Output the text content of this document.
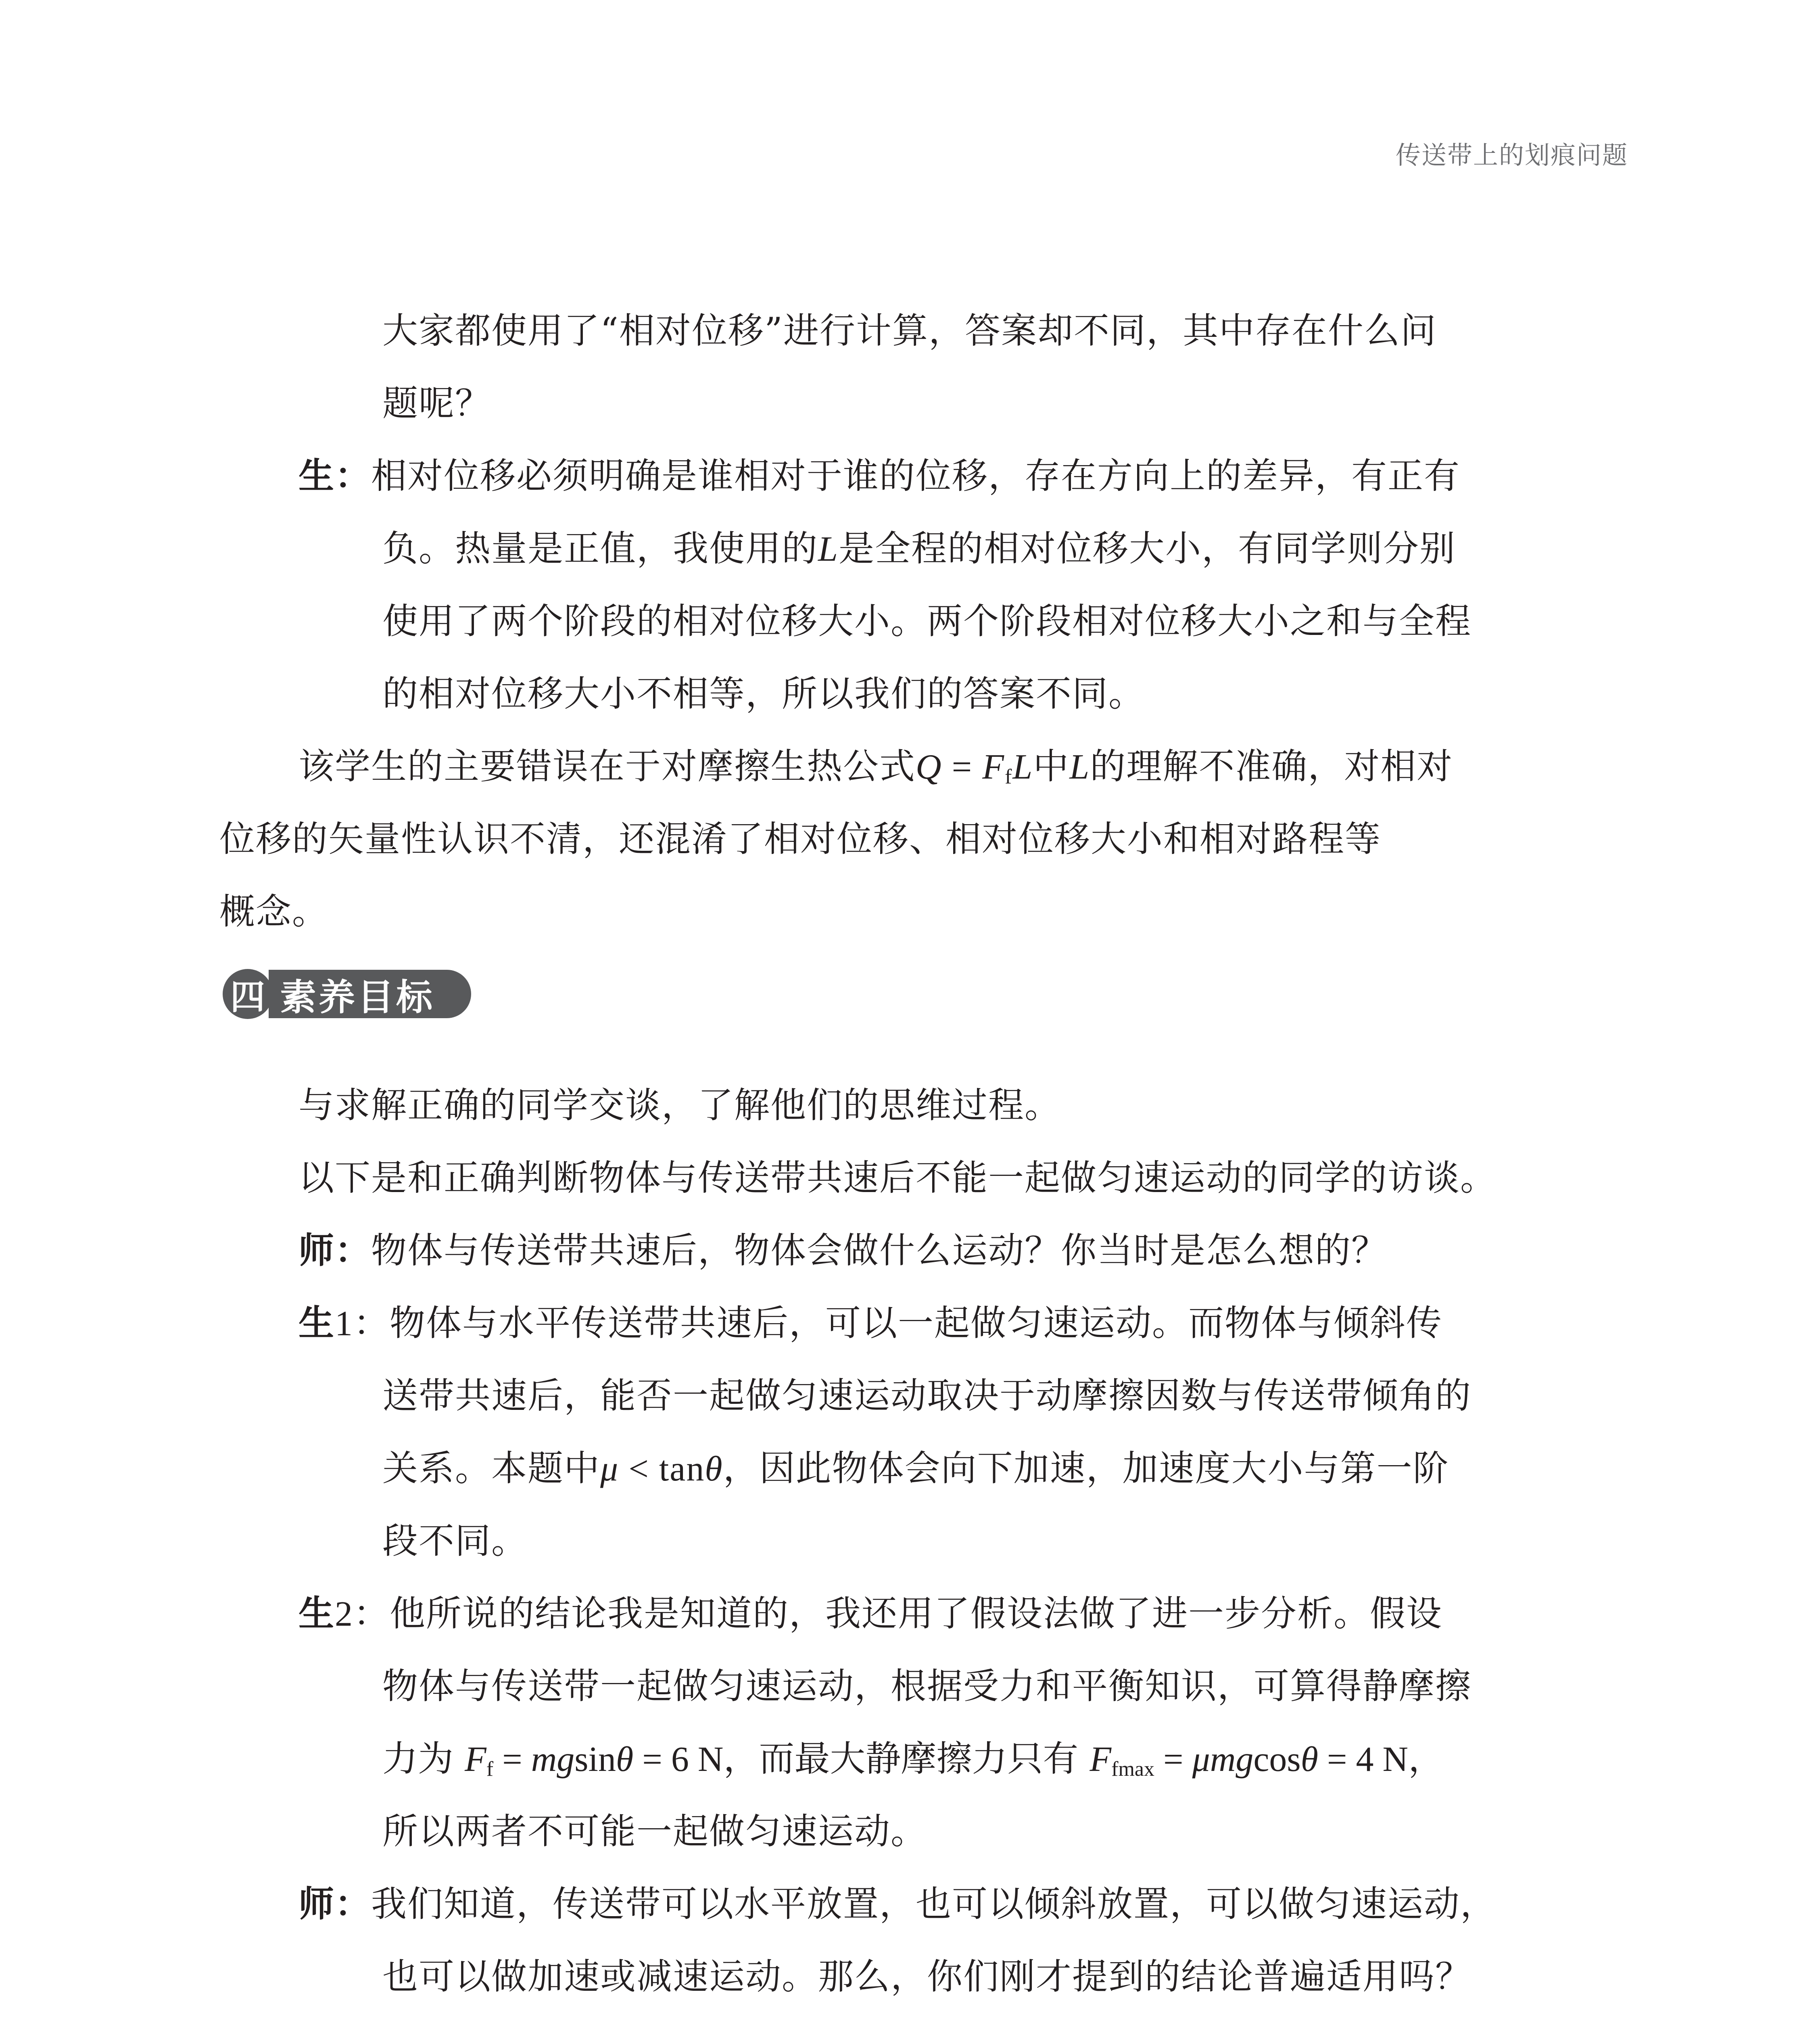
传送带上的划痕问题
大家都使用了“相对位移”进行计算，答案却不同，其中存在什么问
题呢？
生：相对位移必须明确是谁相对于谁的位移，存在方向上的差异，有正有
负。热量是正值，我使用的L是全程的相对位移大小，有同学则分别
使用了两个阶段的相对位移大小。两个阶段相对位移大小之和与全程
的相对位移大小不相等，所以我们的答案不同。
该学生的主要错误在于对摩擦生热公式$Q = F_fL$中L的理解不准确，对相对
位移的矢量性认识不清，还混淆了相对位移、相对位移大小和相对路程等
概念。
四 素养目标
与求解正确的同学交谈，了解他们的思维过程。
以下是和正确判断物体与传送带共速后不能一起做匀速运动的同学的访谈。
师：物体与传送带共速后，物体会做什么运动？你当时是怎么想的？
生1：物体与水平传送带共速后，可以一起做匀速运动。而物体与倾斜传
送带共速后，能否一起做匀速运动取决于动摩擦因数与传送带倾角的
关系。本题中μ < tanθ，因此物体会向下加速，加速度大小与第一阶
段不同。
生2：他所说的结论我是知道的，我还用了假设法做了进一步分析。假设
物体与传送带一起做匀速运动，根据受力和平衡知识，可算得静摩擦
力为 $F_f = mgsin\theta = 6$ N，而最大静摩擦力只有 $F_{fmax} = \mu mgcos\theta = 4$ N，
所以两者不可能一起做匀速运动。
师：我们知道，传送带可以水平放置，也可以倾斜放置，可以做匀速运动，
也可以做加速或减速运动。那么，你们刚才提到的结论普遍适用吗？
